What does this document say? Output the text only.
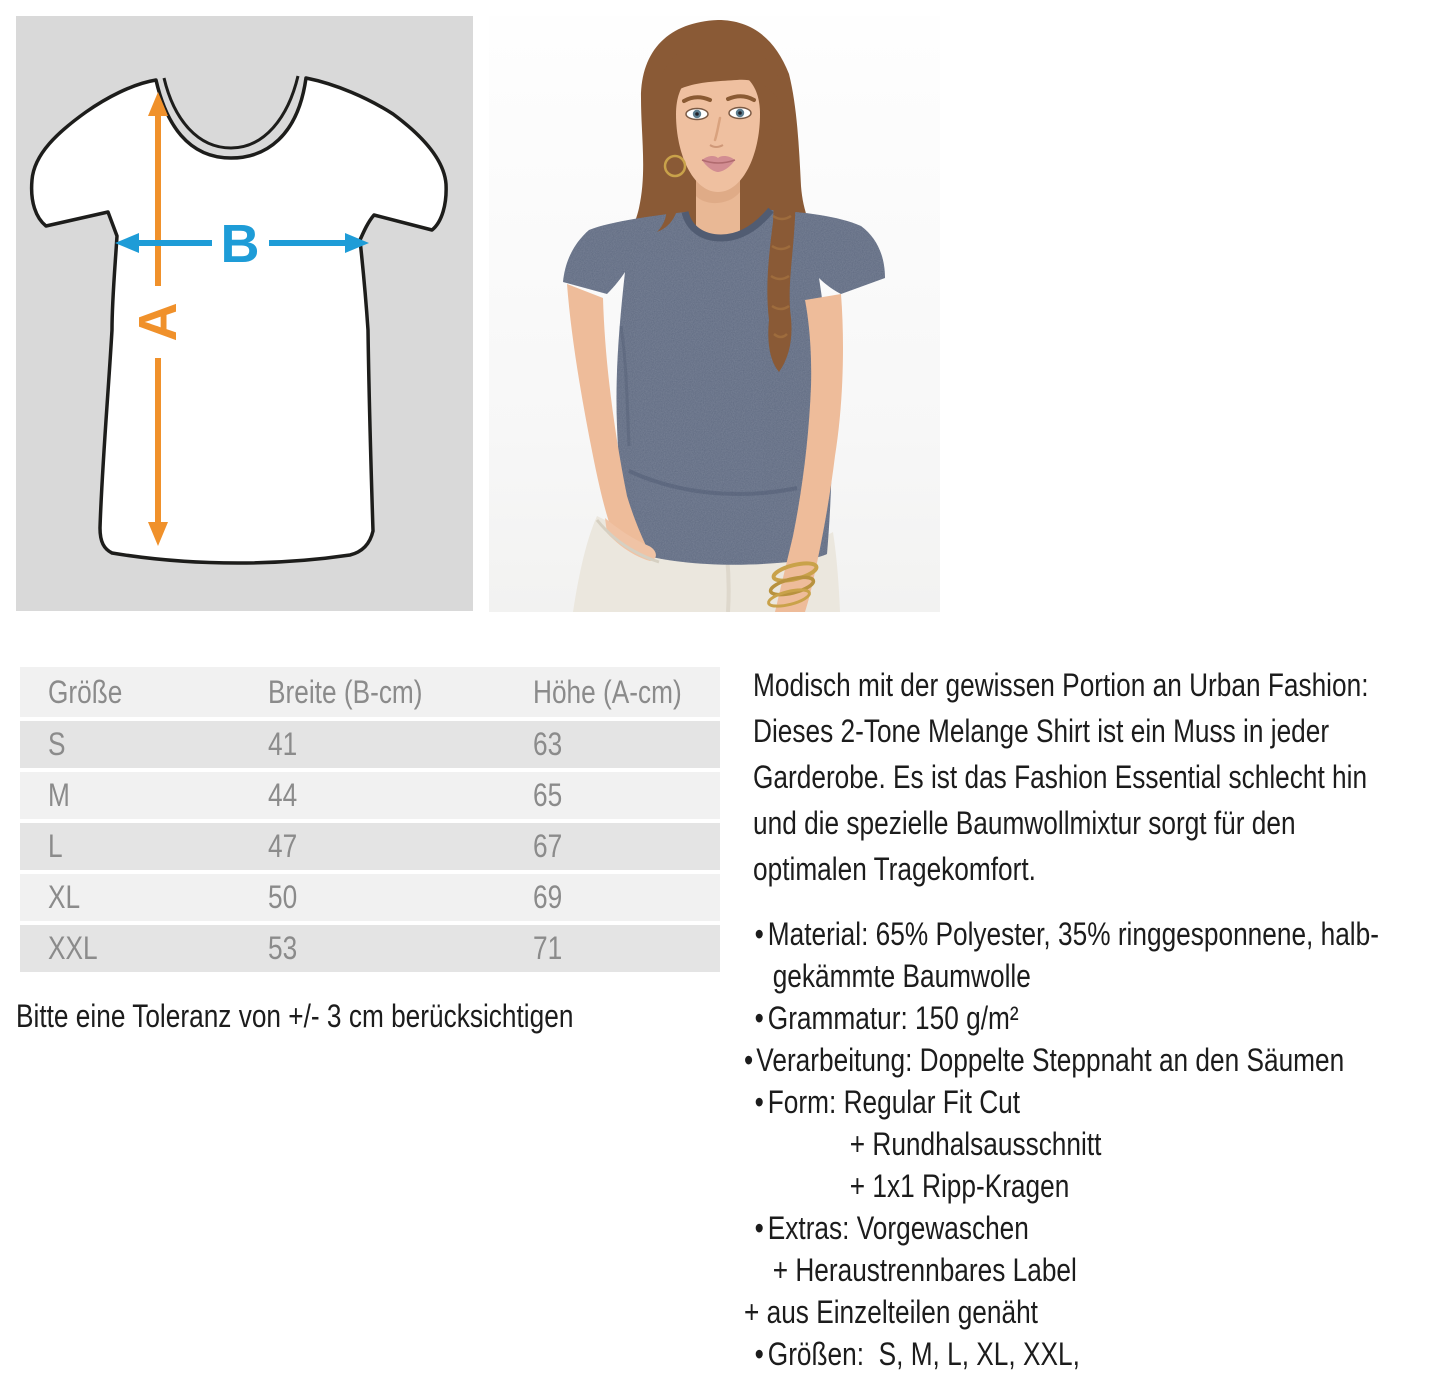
A
B
Größe	Breite (B-cm)	Höhe (A-cm)
S	41	63
M	44	65
L	47	67
XL	50	69
XXL	53	71
Bitte eine Toleranz von +/- 3 cm berücksichtigen
Modisch mit der gewissen Portion an Urban Fashion:
Dieses 2-Tone Melange Shirt ist ein Muss in jeder
Garderobe. Es ist das Fashion Essential schlecht hin
und die spezielle Baumwollmixtur sorgt für den
optimalen Tragekomfort.
• Material: 65% Polyester, 35% ringgesponnene, halb-
gekämmte Baumwolle
• Grammatur: 150 g/m²
• Verarbeitung: Doppelte Steppnaht an den Säumen
• Form: Regular Fit Cut
+ Rundhalsausschnitt
+ 1x1 Ripp-Kragen
• Extras: Vorgewaschen
+ Heraustrennbares Label
+ aus Einzelteilen genäht
• Größen:  S, M, L, XL, XXL,
